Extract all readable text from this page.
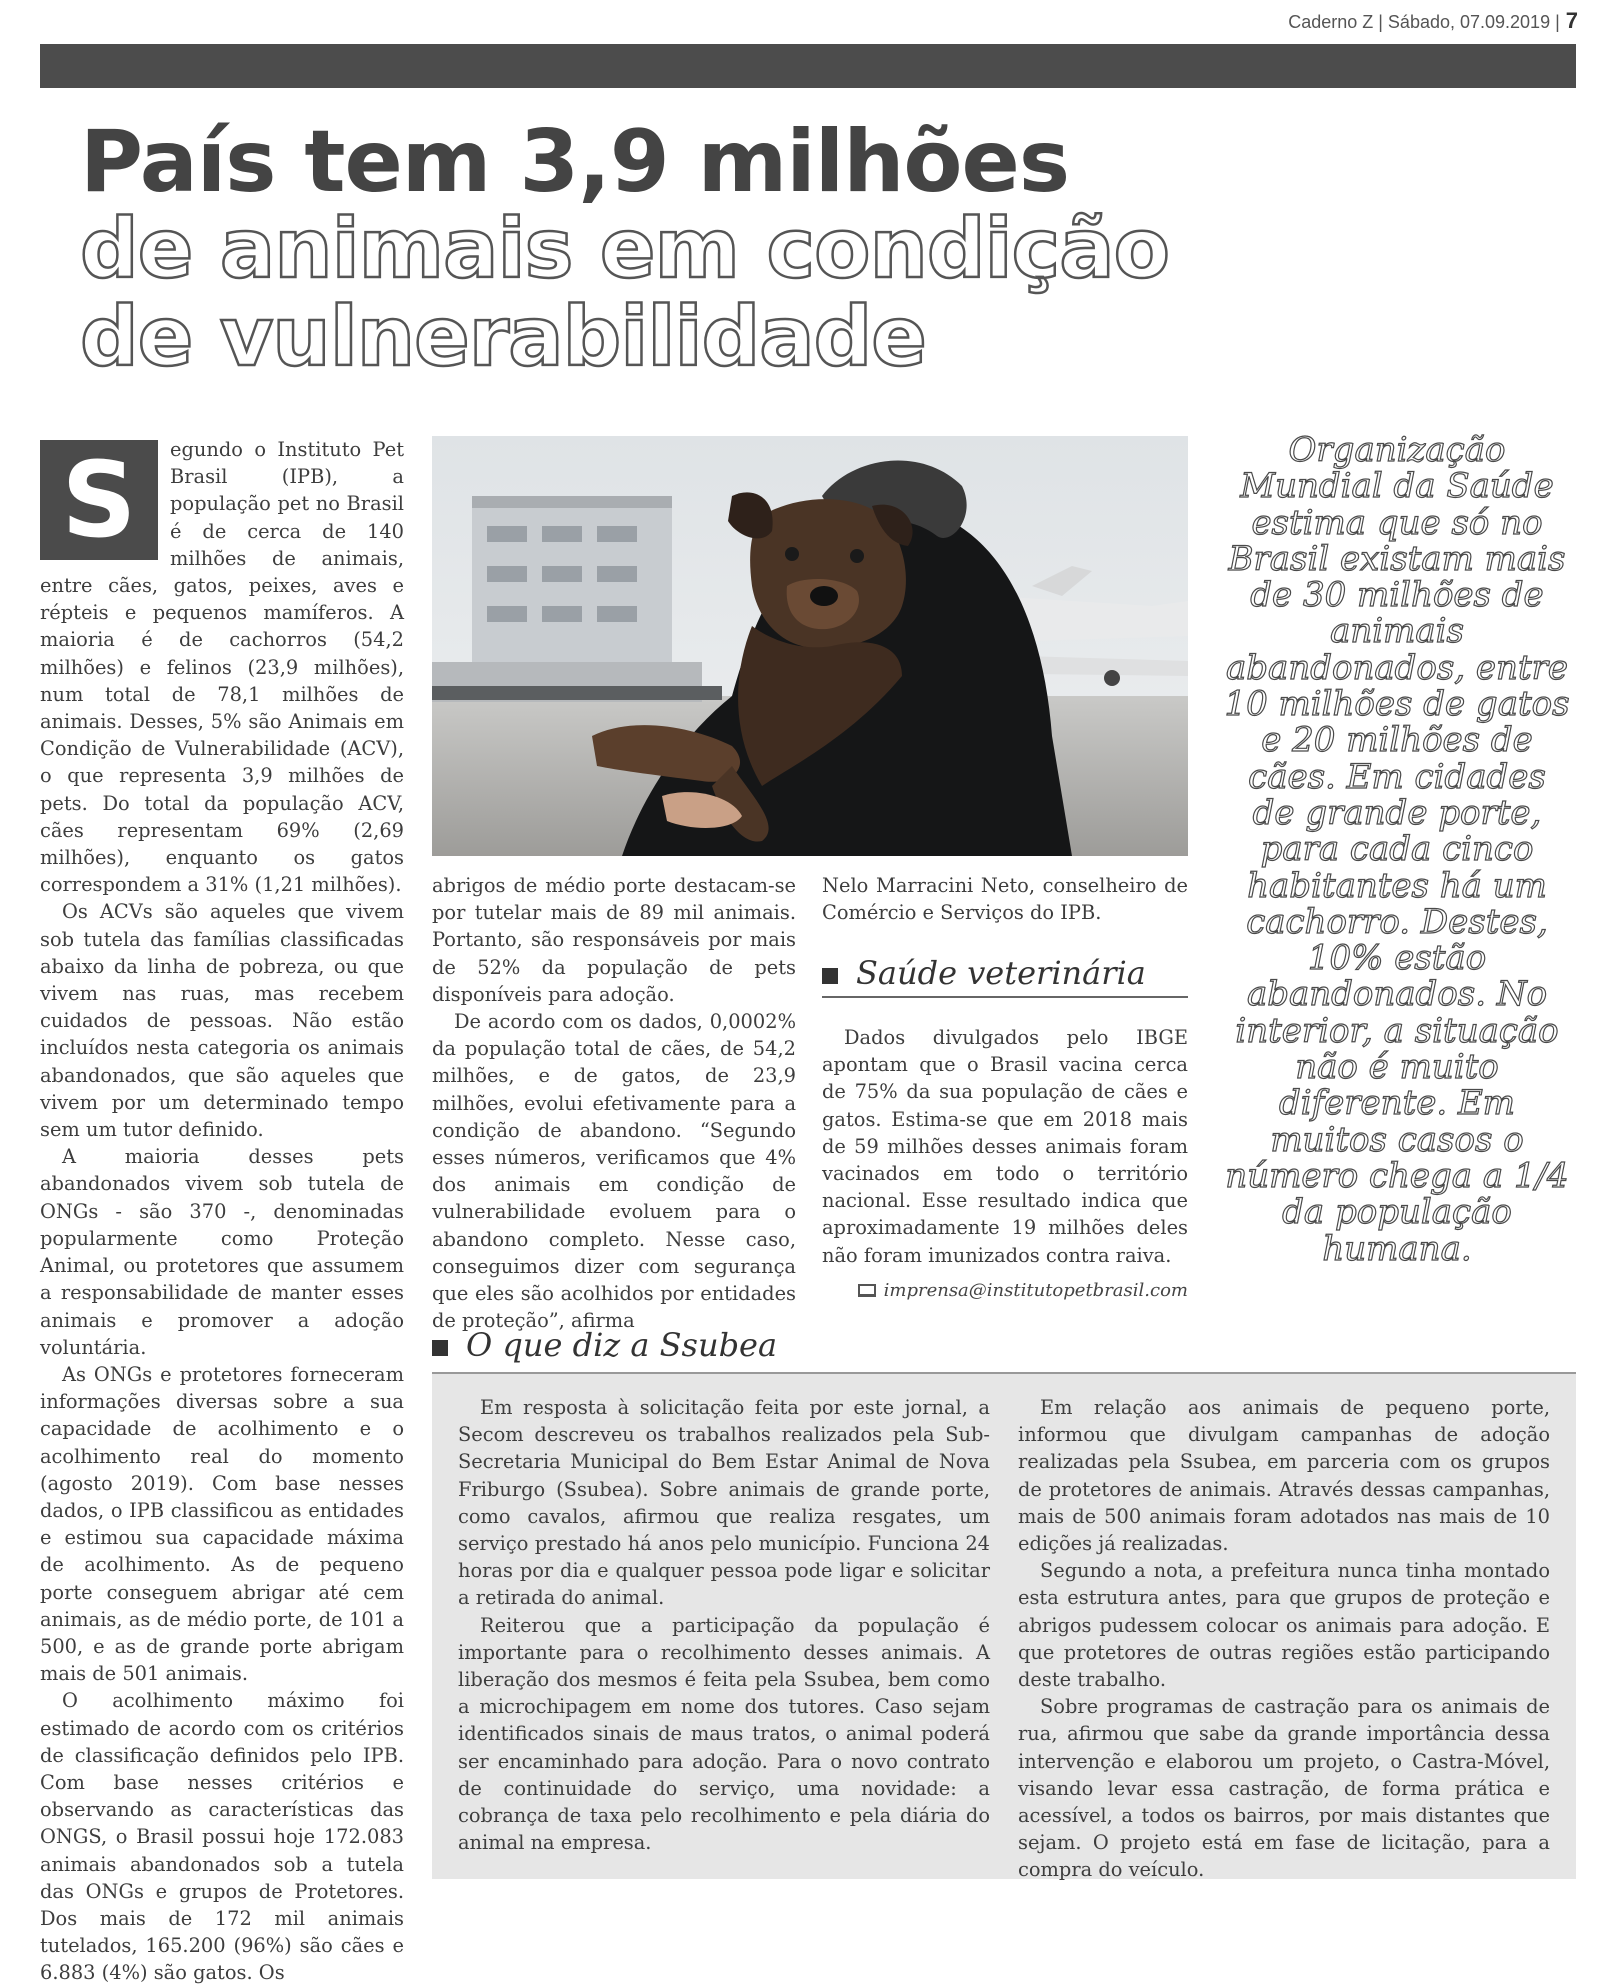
Caderno Z | Sábado, 07.09.2019 | 7
País tem 3,9 milhões
de animais em condição
de vulnerabilidade
S	egundo o Instituto Pet Brasil (IPB), a população pet no Brasil é de cerca de 140 milhões de animais, entre cães, gatos, peixes, aves e répteis e pequenos mamíferos. A maioria é de cachorros (54,2 milhões) e felinos (23,9 milhões), num total de 78,1 milhões de animais. Desses, 5% são Animais em Condição de Vulnerabilidade (ACV), o que representa 3,9 milhões de pets. Do total da população ACV, cães representam 69% (2,69 milhões), enquanto os gatos correspondem a 31% (1,21 milhões).

Os ACVs são aqueles que vivem sob tutela das famílias classificadas abaixo da linha de pobreza, ou que vivem nas ruas, mas recebem cuidados de pessoas. Não estão incluídos nesta categoria os animais abandonados, que são aqueles que vivem por um determinado tempo sem um tutor definido.

A maioria desses pets abandonados vivem sob tutela de ONGs - são 370 -, denominadas popularmente como Proteção Animal, ou protetores que assumem a responsabilidade de manter esses animais e promover a adoção voluntária.

As ONGs e protetores forneceram informações diversas sobre a sua capacidade de acolhimento e o acolhimento real do momento (agosto 2019). Com base nesses dados, o IPB classificou as entidades e estimou sua capacidade máxima de acolhimento. As de pequeno porte conseguem abrigar até cem animais, as de médio porte, de 101 a 500, e as de grande porte abrigam mais de 501 animais.

O acolhimento máximo foi estimado de acordo com os critérios de classificação definidos pelo IPB. Com base nesses critérios e observando as características das ONGS, o Brasil possui hoje 172.083 animais abandonados sob a tutela das ONGs e grupos de Protetores. Dos mais de 172 mil animais tutelados, 165.200 (96%) são cães e 6.883 (4%) são gatos. Os

abrigos de médio porte destacam-se por tutelar mais de 89 mil animais. Portanto, são responsáveis por mais de 52% da população de pets disponíveis para adoção.

De acordo com os dados, 0,0002% da população total de cães, de 54,2 milhões, e de gatos, de 23,9 milhões, evolui efetivamente para a condição de abandono. “Segundo esses números, verificamos que 4% dos animais em condição de vulnerabilidade evoluem para o abandono completo. Nesse caso, conseguimos dizer com segurança que eles são acolhidos por entidades de proteção”, afirma

Nelo Marracini Neto, conselheiro de Comércio e Serviços do IPB.

Saúde veterinária

Dados divulgados pelo IBGE apontam que o Brasil vacina cerca de 75% da sua população de cães e gatos. Estima-se que em 2018 mais de 59 milhões desses animais foram vacinados em todo o território nacional. Esse resultado indica que aproximadamente 19 milhões deles não foram imunizados contra raiva.

imprensa@institutopetbrasil.com
Organização Mundial da Saúde estima que só no Brasil existam mais de 30 milhões de animais abandonados, entre 10 milhões de gatos e 20 milhões de cães. Em cidades de grande porte, para cada cinco habitantes há um cachorro. Destes, 10% estão abandonados. No interior, a situação não é muito diferente. Em muitos casos o número chega a 1/4 da população humana.
O que diz a Ssubea

Em resposta à solicitação feita por este jornal, a Secom descreveu os trabalhos realizados pela Sub-Secretaria Municipal do Bem Estar Animal de Nova Friburgo (Ssubea). Sobre animais de grande porte, como cavalos, afirmou que realiza resgates, um serviço prestado há anos pelo município. Funciona 24 horas por dia e qualquer pessoa pode ligar e solicitar a retirada do animal.

Reiterou que a participação da população é importante para o recolhimento desses animais. A liberação dos mesmos é feita pela Ssubea, bem como a microchipagem em nome dos tutores. Caso sejam identificados sinais de maus tratos, o animal poderá ser encaminhado para adoção. Para o novo contrato de continuidade do serviço, uma novidade: a cobrança de taxa pelo recolhimento e pela diária do animal na empresa.

Em relação aos animais de pequeno porte, informou que divulgam campanhas de adoção realizadas pela Ssubea, em parceria com os grupos de protetores de animais. Através dessas campanhas, mais de 500 animais foram adotados nas mais de 10 edições já realizadas.

Segundo a nota, a prefeitura nunca tinha montado esta estrutura antes, para que grupos de proteção e abrigos pudessem colocar os animais para adoção. E que protetores de outras regiões estão participando deste trabalho.

Sobre programas de castração para os animais de rua, afirmou que sabe da grande importância dessa intervenção e elaborou um projeto, o Castra-Móvel, visando levar essa castração, de forma prática e acessível, a todos os bairros, por mais distantes que sejam. O projeto está em fase de licitação, para a compra do veículo.
